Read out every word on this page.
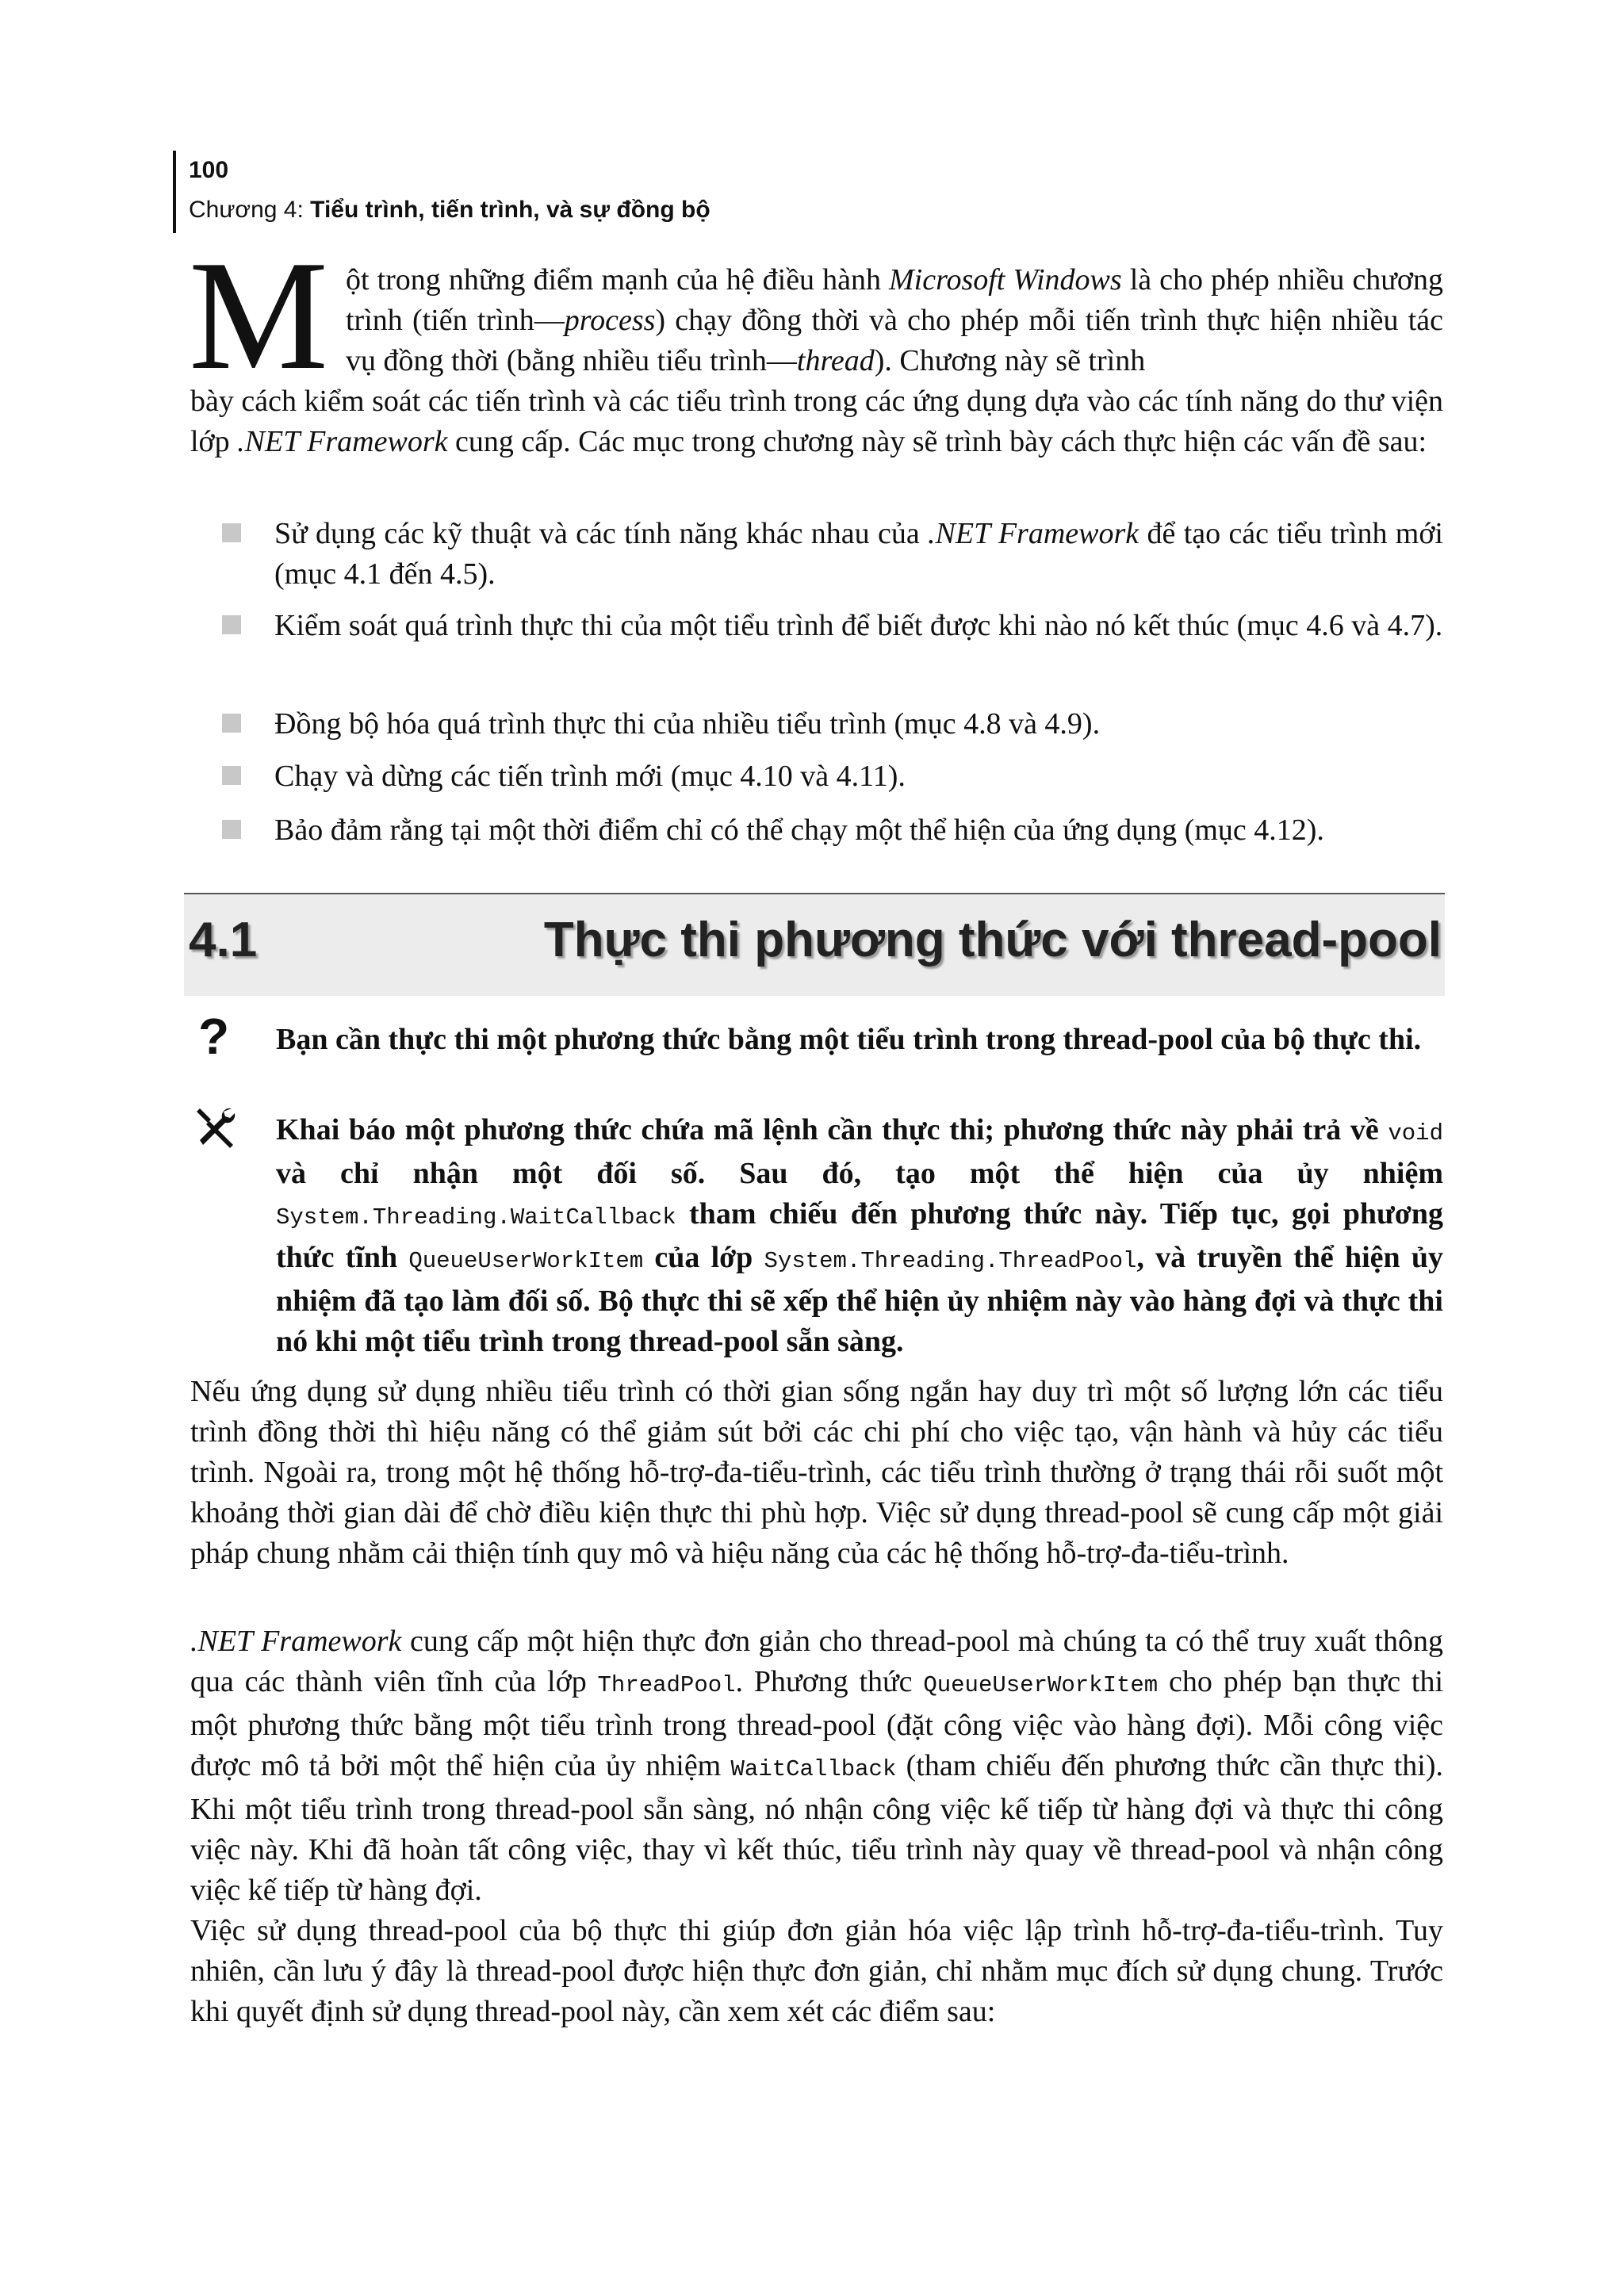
100
Chương 4: Tiểu trình, tiến trình, và sự đồng bộ
M ột trong những điểm mạnh của hệ điều hành Microsoft Windows là cho phép nhiều chương trình (tiến trình—process) chạy đồng thời và cho phép mỗi tiến trình thực hiện nhiều tác vụ đồng thời (bằng nhiều tiểu trình—thread). Chương này sẽ trình
bày cách kiểm soát các tiến trình và các tiểu trình trong các ứng dụng dựa vào các tính năng do thư viện lớp .NET Framework cung cấp. Các mục trong chương này sẽ trình bày cách thực hiện các vấn đề sau:
Sử dụng các kỹ thuật và các tính năng khác nhau của .NET Framework để tạo các tiểu trình mới (mục 4.1 đến 4.5).
Kiểm soát quá trình thực thi của một tiểu trình để biết được khi nào nó kết thúc (mục 4.6 và 4.7).
Đồng bộ hóa quá trình thực thi của nhiều tiểu trình (mục 4.8 và 4.9).
Chạy và dừng các tiến trình mới (mục 4.10 và 4.11).
Bảo đảm rằng tại một thời điểm chỉ có thể chạy một thể hiện của ứng dụng (mục 4.12).
4.1	Thực thi phương thức với thread-pool
? Bạn cần thực thi một phương thức bằng một tiểu trình trong thread-pool của bộ thực thi.
Khai báo một phương thức chứa mã lệnh cần thực thi; phương thức này phải trả về void và chỉ nhận một đối số. Sau đó, tạo một thể hiện của ủy nhiệm System.Threading.WaitCallback tham chiếu đến phương thức này. Tiếp tục, gọi phương thức tĩnh QueueUserWorkItem của lớp System.Threading.ThreadPool, và truyền thể hiện ủy nhiệm đã tạo làm đối số. Bộ thực thi sẽ xếp thể hiện ủy nhiệm này vào hàng đợi và thực thi nó khi một tiểu trình trong thread-pool sẵn sàng.
Nếu ứng dụng sử dụng nhiều tiểu trình có thời gian sống ngắn hay duy trì một số lượng lớn các tiểu trình đồng thời thì hiệu năng có thể giảm sút bởi các chi phí cho việc tạo, vận hành và hủy các tiểu trình. Ngoài ra, trong một hệ thống hỗ-trợ-đa-tiểu-trình, các tiểu trình thường ở trạng thái rỗi suốt một khoảng thời gian dài để chờ điều kiện thực thi phù hợp. Việc sử dụng thread-pool sẽ cung cấp một giải pháp chung nhằm cải thiện tính quy mô và hiệu năng của các hệ thống hỗ-trợ-đa-tiểu-trình.
.NET Framework cung cấp một hiện thực đơn giản cho thread-pool mà chúng ta có thể truy xuất thông qua các thành viên tĩnh của lớp ThreadPool. Phương thức QueueUserWorkItem cho phép bạn thực thi một phương thức bằng một tiểu trình trong thread-pool (đặt công việc vào hàng đợi). Mỗi công việc được mô tả bởi một thể hiện của ủy nhiệm WaitCallback (tham chiếu đến phương thức cần thực thi). Khi một tiểu trình trong thread-pool sẵn sàng, nó nhận công việc kế tiếp từ hàng đợi và thực thi công việc này. Khi đã hoàn tất công việc, thay vì kết thúc, tiểu trình này quay về thread-pool và nhận công việc kế tiếp từ hàng đợi.
Việc sử dụng thread-pool của bộ thực thi giúp đơn giản hóa việc lập trình hỗ-trợ-đa-tiểu-trình. Tuy nhiên, cần lưu ý đây là thread-pool được hiện thực đơn giản, chỉ nhằm mục đích sử dụng chung. Trước khi quyết định sử dụng thread-pool này, cần xem xét các điểm sau:
